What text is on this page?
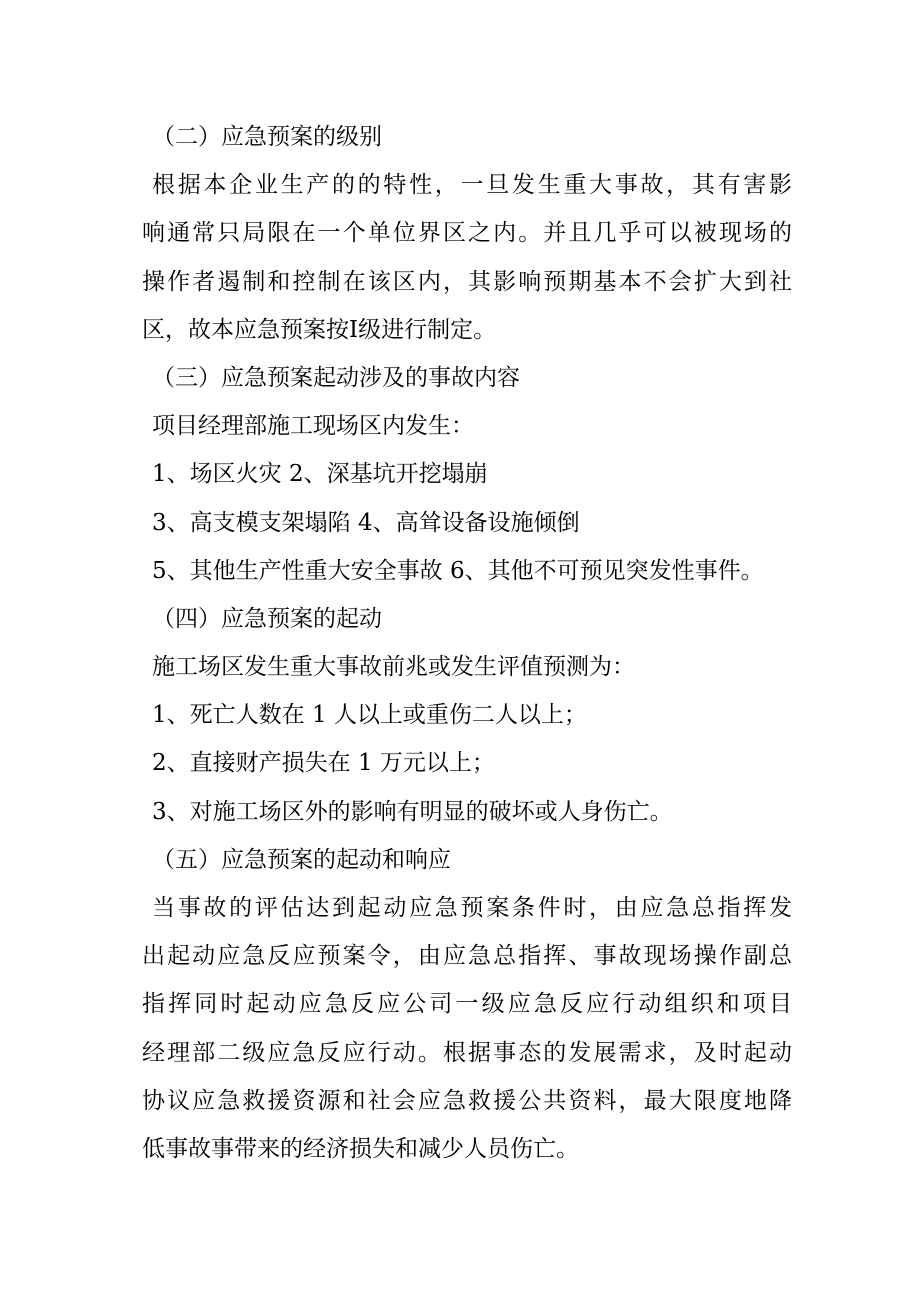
（二）应急预案的级别
根据本企业生产的的特性，一旦发生重大事故，其有害影
响通常只局限在一个单位界区之内。并且几乎可以被现场的
操作者遏制和控制在该区内，其影响预期基本不会扩大到社
区，故本应急预案按Ⅰ级进行制定。
（三）应急预案起动涉及的事故内容
项目经理部施工现场区内发生：
1、场区火灾 2、深基坑开挖塌崩
3、高支模支架塌陷 4、高耸设备设施倾倒
5、其他生产性重大安全事故 6、其他不可预见突发性事件。
（四）应急预案的起动
施工场区发生重大事故前兆或发生评值预测为：
1、死亡人数在 1 人以上或重伤二人以上；
2、直接财产损失在 1 万元以上；
3、对施工场区外的影响有明显的破坏或人身伤亡。
（五）应急预案的起动和响应
当事故的评估达到起动应急预案条件时，由应急总指挥发
出起动应急反应预案令，由应急总指挥、事故现场操作副总
指挥同时起动应急反应公司一级应急反应行动组织和项目
经理部二级应急反应行动。根据事态的发展需求，及时起动
协议应急救援资源和社会应急救援公共资料，最大限度地降
低事故事带来的经济损失和减少人员伤亡。
